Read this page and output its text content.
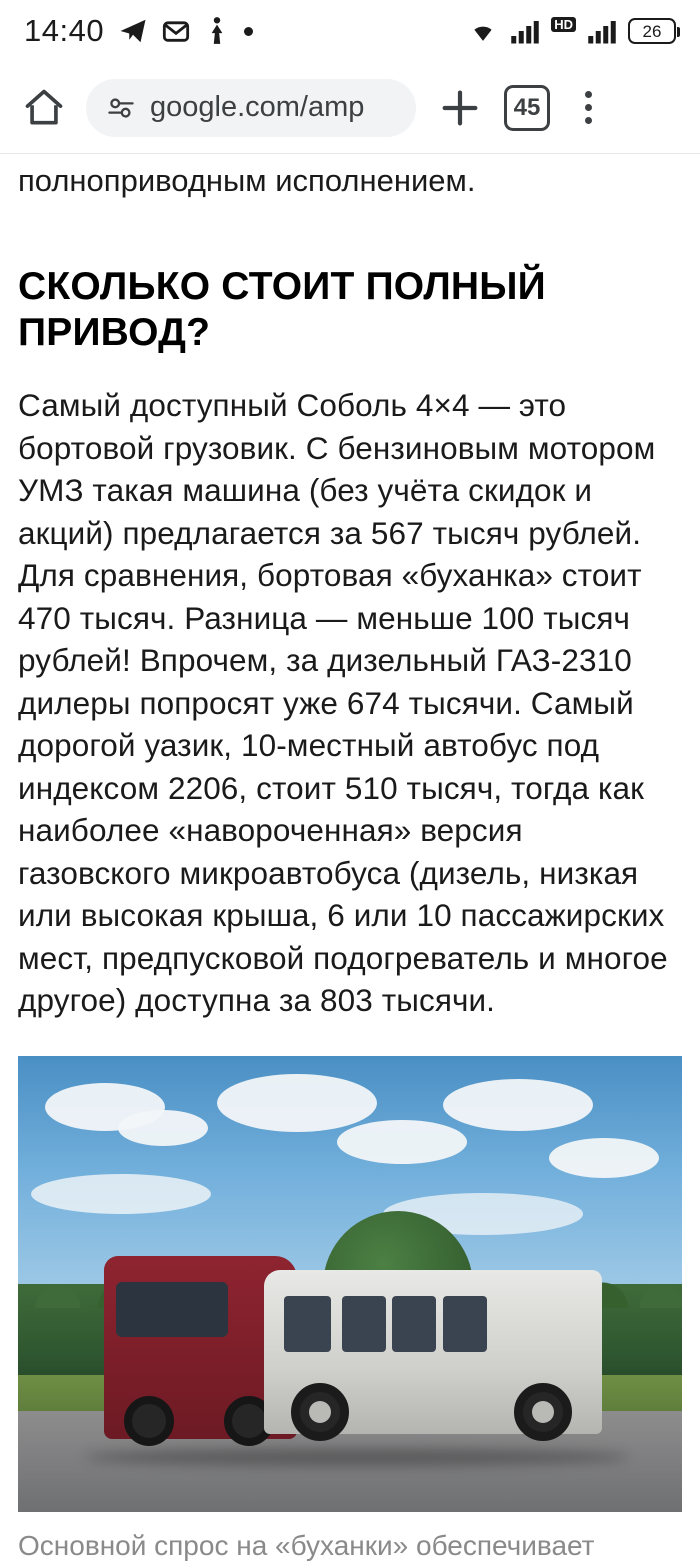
14:40	HD	26
google.com/amp	45
полноприводным исполнением.
СКОЛЬКО СТОИТ ПОЛНЫЙ ПРИВОД?

Самый доступный Соболь 4×4 — это бортовой грузовик. С бензиновым мотором УМЗ такая машина (без учёта скидок и акций) предлагается за 567 тысяч рублей. Для сравнения, бортовая «буханка» стоит 470 тысяч. Разница — меньше 100 тысяч рублей! Впрочем, за дизельный ГАЗ-2310 дилеры попросят уже 674 тысячи. Самый дорогой уазик, 10-местный автобус под индексом 2206, стоит 510 тысяч, тогда как наиболее «навороченная» версия газовского микроавтобуса (дизель, низкая или высокая крыша, 6 или 10 пассажирских мест, предпусковой подогреватель и многое другое) доступна за 803 тысячи.

Основной спрос на «буханки» обеспечивает
